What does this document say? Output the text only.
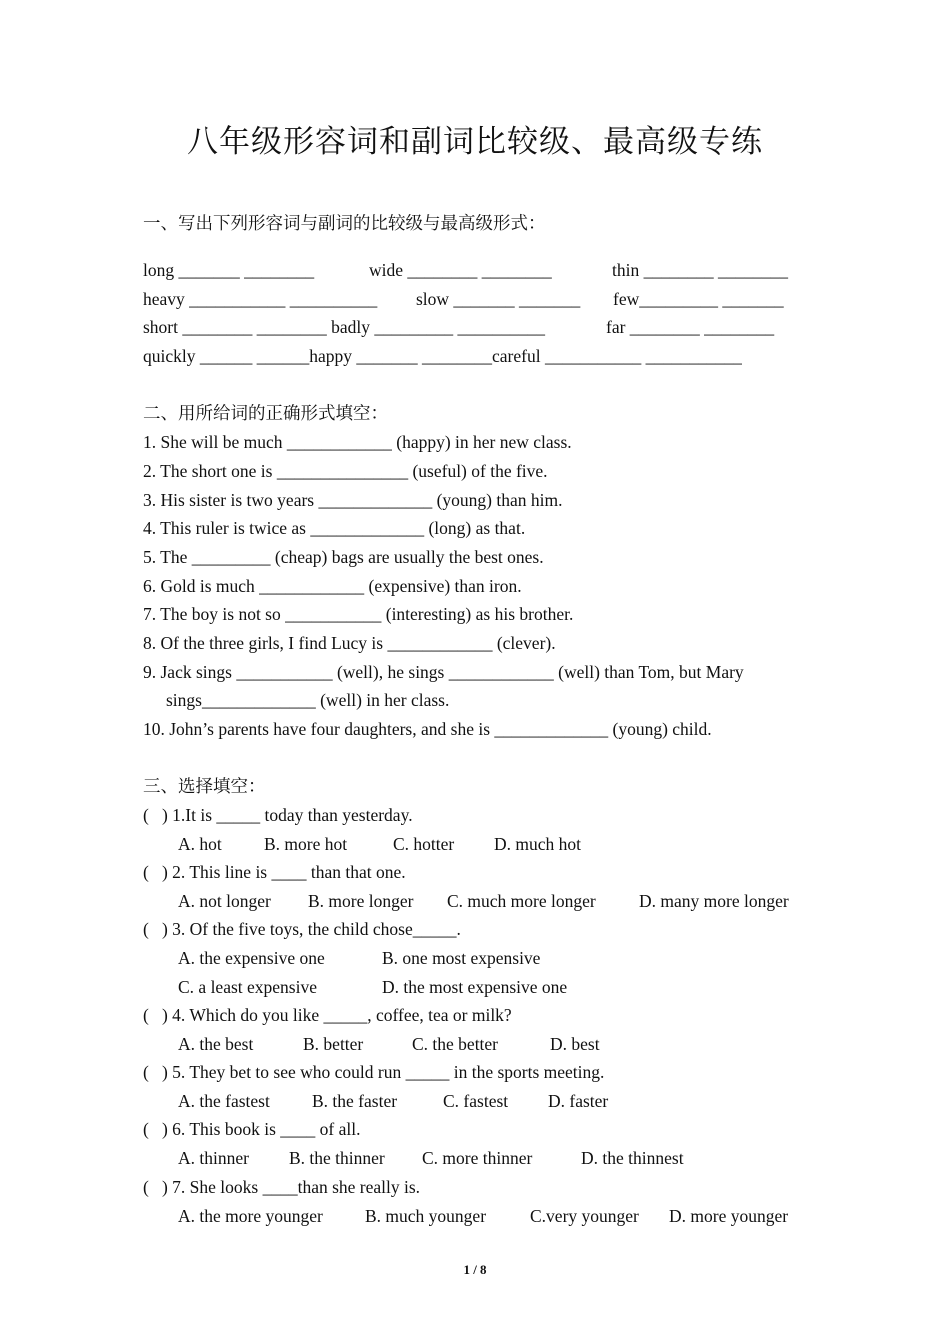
八年级形容词和副词比较级、最高级专练
一、写出下列形容词与副词的比较级与最高级形式：
long _______ ________	wide ________ ________	thin ________ ________
heavy ___________ __________ slow _______ _______ few_________ _______
short ________ ________ badly _________ __________	far ________ ________
quickly ______ ______happy _______ ________careful ___________ ___________
二、用所给词的正确形式填空：
1. She will be much ____________ (happy) in her new class.
2. The short one is _______________ (useful) of the five.
3. His sister is two years _____________ (young) than him.
4. This ruler is twice as _____________ (long) as that.
5. The _________ (cheap) bags are usually the best ones.
6. Gold is much ____________ (expensive) than iron.
7. The boy is not so ___________ (interesting) as his brother.
8. Of the three girls, I find Lucy is ____________ (clever).
9. Jack sings ___________ (well), he sings ____________ (well) than Tom, but Mary
sings_____________ (well) in her class.
10. John’s parents have four daughters, and she is _____________ (young) child.
三、选择填空：
(   ) 1.It is _____ today than yesterday.
A. hot B. more hot	C. hotter D. much hot
(   ) 2. This line is ____ than that one.
A. not longer B. more longer C. much more longer D. many more longer
(   ) 3. Of the five toys, the child chose_____.
A. the expensive one	B. one most expensive
C. a least expensive	D. the most expensive one
(   ) 4. Which do you like _____, coffee, tea or milk?
A. the best	B. better	C. the better	D. best
(   ) 5. They bet to see who could run _____ in the sports meeting.
A. the fastest B. the faster	C. fastest D. faster
(   ) 6. This book is ____ of all.
A. thinner B. the thinner C. more thinner	D. the thinnest
(   ) 7. She looks ____than she really is.
A. the more younger B. much younger	C.very younger D. more younger
1 / 8
